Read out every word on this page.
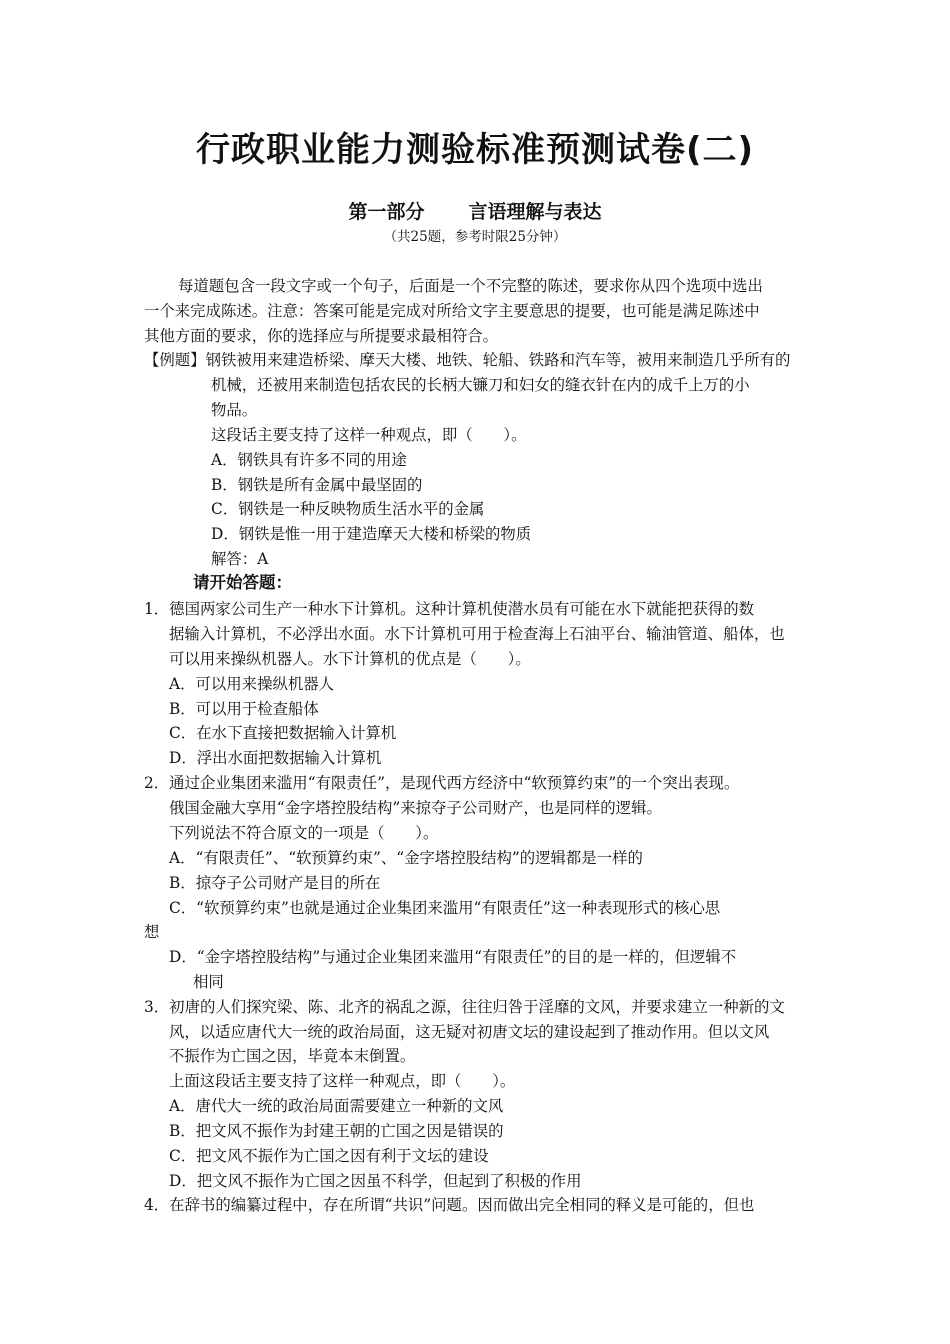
行政职业能力测验标准预测试卷(二)
第一部分 言语理解与表达
（共25题，参考时限25分钟）
每道题包含一段文字或一个句子，后面是一个不完整的陈述，要求你从四个选项中选出
一个来完成陈述。注意：答案可能是完成对所给文字主要意思的提要，也可能是满足陈述中
其他方面的要求，你的选择应与所提要求最相符合。
【例题】钢铁被用来建造桥梁、摩天大楼、地铁、轮船、铁路和汽车等，被用来制造几乎所有的
机械，还被用来制造包括农民的长柄大镰刀和妇女的缝衣针在内的成千上万的小
物品。
这段话主要支持了这样一种观点，即（　　）。
A．钢铁具有许多不同的用途
B．钢铁是所有金属中最坚固的
C．钢铁是一种反映物质生活水平的金属
D．钢铁是惟一用于建造摩天大楼和桥梁的物质
解答：A
请开始答题：
1．德国两家公司生产一种水下计算机。这种计算机使潜水员有可能在水下就能把获得的数
据输入计算机，不必浮出水面。水下计算机可用于检查海上石油平台、输油管道、船体，也
可以用来操纵机器人。水下计算机的优点是（　　）。
A．可以用来操纵机器人
B．可以用于检查船体
C．在水下直接把数据输入计算机
D．浮出水面把数据输入计算机
2．通过企业集团来滥用“有限责任”，是现代西方经济中“软预算约束”的一个突出表现。
俄国金融大享用“金字塔控股结构”来掠夺子公司财产，也是同样的逻辑。
下列说法不符合原文的一项是（　　）。
A．“有限责任”、“软预算约束”、“金字塔控股结构”的逻辑都是一样的
B．掠夺子公司财产是目的所在
C．“软预算约束”也就是通过企业集团来滥用“有限责任”这一种表现形式的核心思
想
D．“金字塔控股结构”与通过企业集团来滥用“有限责任”的目的是一样的，但逻辑不
相同
3．初唐的人们探究梁、陈、北齐的祸乱之源，往往归咎于淫靡的文风，并要求建立一种新的文
风，以适应唐代大一统的政治局面，这无疑对初唐文坛的建设起到了推动作用。但以文风
不振作为亡国之因，毕竟本末倒置。
上面这段话主要支持了这样一种观点，即（　　）。
A．唐代大一统的政治局面需要建立一种新的文风
B．把文风不振作为封建王朝的亡国之因是错误的
C．把文风不振作为亡国之因有利于文坛的建设
D．把文风不振作为亡国之因虽不科学，但起到了积极的作用
4．在辞书的编纂过程中，存在所谓“共识”问题。因而做出完全相同的释义是可能的，但也
